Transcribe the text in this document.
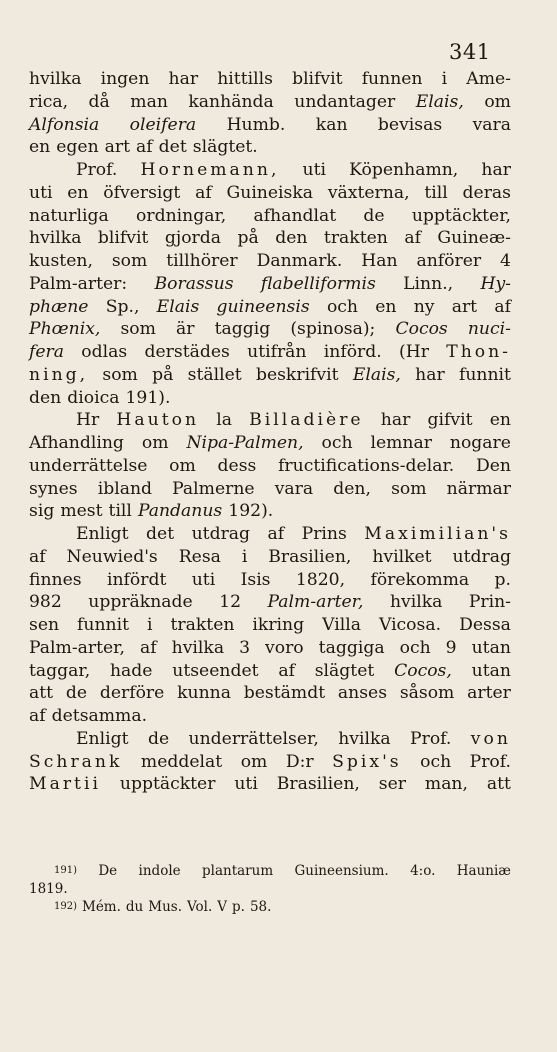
341
hvilka ingen har hittills blifvit funnen i Ame-
rica, då man kanhända undantager Elais, om
Alfonsia oleifera Humb. kan bevisas vara
en egen art af det slägtet.
Prof. Hornemann, uti Köpenhamn, har
uti en öfversigt af Guineiska växterna, till deras
naturliga ordningar, afhandlat de upptäckter,
hvilka blifvit gjorda på den trakten af Guineæ-
kusten, som tillhörer Danmark. Han anförer 4
Palm-arter: Borassus flabelliformis Linn., Hy-
phæne Sp., Elais guineensis och en ny art af
Phœnix, som är taggig (spinosa); Cocos nuci-
fera odlas derstädes utifrån införd. (Hr Thon-
ning, som på stället beskrifvit Elais, har funnit
den dioica 191).
Hr Hauton la Billadière har gifvit en
Afhandling om Nipa-Palmen, och lemnar nogare
underrättelse om dess fructifications-delar. Den
synes ibland Palmerne vara den, som närmar
sig mest till Pandanus 192).
Enligt det utdrag af Prins Maximilian's
af Neuwied's Resa i Brasilien, hvilket utdrag
finnes infördt uti Isis 1820, förekomma p.
982 uppräknade 12 Palm-arter, hvilka Prin-
sen funnit i trakten ikring Villa Vicosa. Dessa
Palm-arter, af hvilka 3 voro taggiga och 9 utan
taggar, hade utseendet af slägtet Cocos, utan
att de derföre kunna bestämdt anses såsom arter
af detsamma.
Enligt de underrättelser, hvilka Prof. von
Schrank meddelat om D:r Spix's och Prof.
Martii upptäckter uti Brasilien, ser man, att
191) De indole plantarum Guineensium. 4:o. Hauniæ
1819.
192) Mém. du Mus. Vol. V p. 58.
